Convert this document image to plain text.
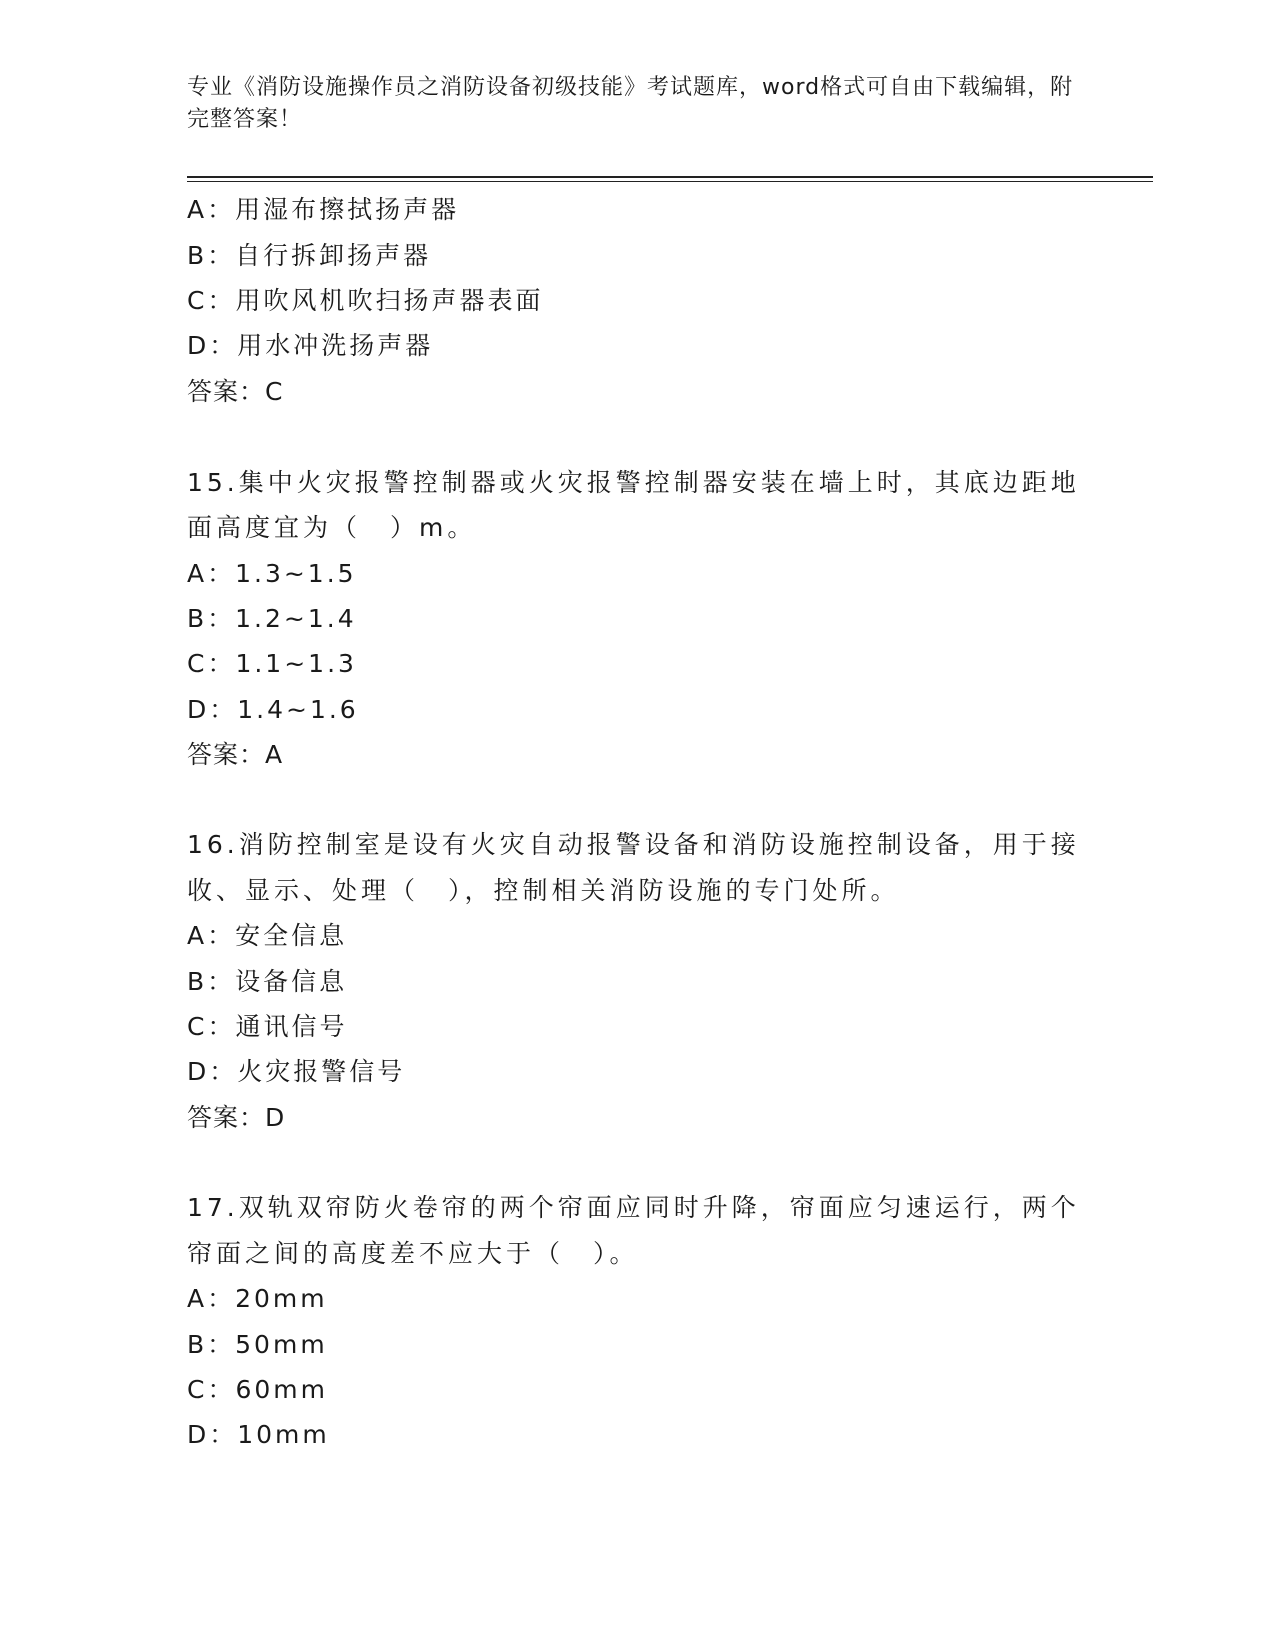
专业《消防设施操作员之消防设备初级技能》考试题库，word格式可自由下载编辑，附完整答案！
A：用湿布擦拭扬声器
B：自行拆卸扬声器
C：用吹风机吹扫扬声器表面
D：用水冲洗扬声器
答案：C
15.集中火灾报警控制器或火灾报警控制器安装在墙上时，其底边距地
面高度宜为（　）m。
A：1.3~1.5
B：1.2~1.4
C：1.1~1.3
D：1.4~1.6
答案：A
16.消防控制室是设有火灾自动报警设备和消防设施控制设备，用于接
收、显示、处理（　），控制相关消防设施的专门处所。
A：安全信息
B：设备信息
C：通讯信号
D：火灾报警信号
答案：D
17.双轨双帘防火卷帘的两个帘面应同时升降，帘面应匀速运行，两个
帘面之间的高度差不应大于（　）。
A：20mm
B：50mm
C：60mm
D：10mm
